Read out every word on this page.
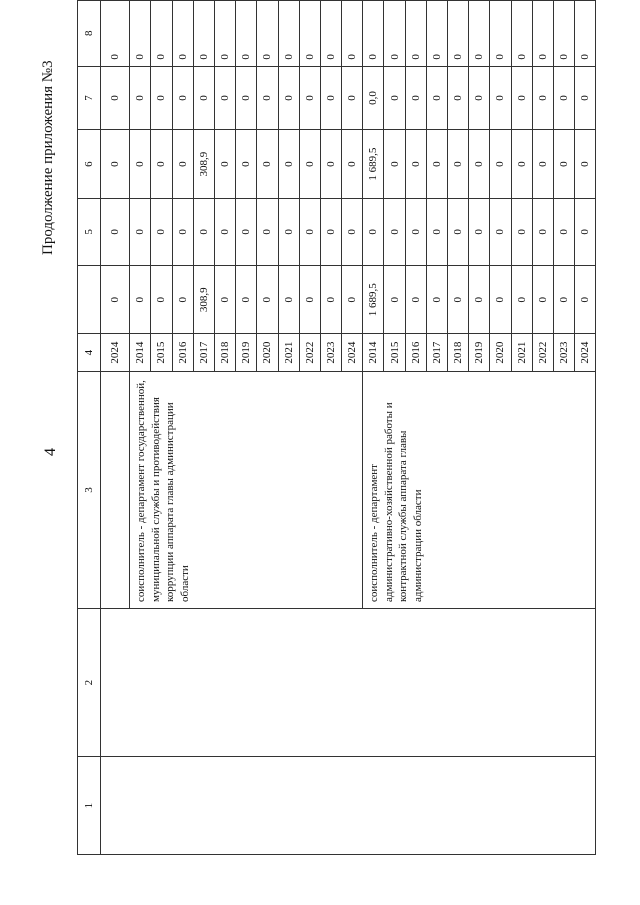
4
Продолжение приложения №3
1	2	3	4		5	6	7	8
			2024	0	0	0	0	0
		соисполнитель - департамент государственной, муниципальной службы и противодействия коррупции аппарата главы администрации области	2014	0	0	0	0	0
			2015	0	0	0	0	0
			2016	0	0	0	0	0
			2017	308,9	0	308,9	0	0
			2018	0	0	0	0	0
			2019	0	0	0	0	0
			2020	0	0	0	0	0
			2021	0	0	0	0	0
			2022	0	0	0	0	0
			2023	0	0	0	0	0
			2024	0	0	0	0	0
		соисполнитель - департамент административно-хозяйственной работы и контрактной службы аппарата главы администрации области	2014	1 689,5	0	1 689,5	0,0	0
			2015	0	0	0	0	0
			2016	0	0	0	0	0
			2017	0	0	0	0	0
			2018	0	0	0	0	0
			2019	0	0	0	0	0
			2020	0	0	0	0	0
			2021	0	0	0	0	0
			2022	0	0	0	0	0
			2023	0	0	0	0	0
			2024	0	0	0	0	0
